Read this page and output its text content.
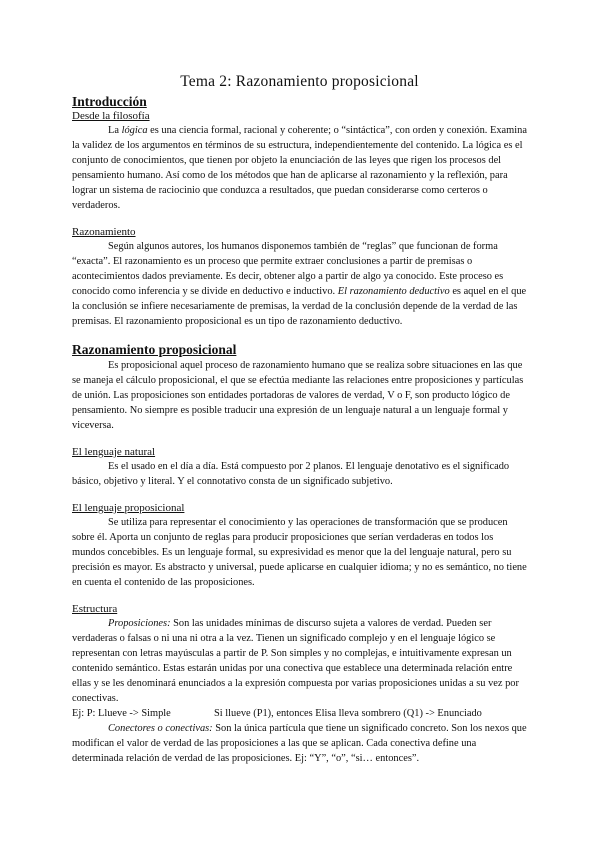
Tema 2: Razonamiento proposicional
Introducción
Desde la filosofía

La lógica es una ciencia formal, racional y coherente; o “sintáctica”, con orden y conexión. Examina la validez de los argumentos en términos de su estructura, independientemente del contenido. La lógica es el conjunto de conocimientos, que tienen por objeto la enunciación de las leyes que rigen los procesos del pensamiento humano. Así como de los métodos que han de aplicarse al razonamiento y la reflexión, para lograr un sistema de raciocinio que conduzca a resultados, que puedan considerarse como certeros o verdaderos.

Razonamiento

Según algunos autores, los humanos disponemos también de “reglas” que funcionan de forma “exacta”. El razonamiento es un proceso que permite extraer conclusiones a partir de premisas o acontecimientos dados previamente. Es decir, obtener algo a partir de algo ya conocido. Este proceso es conocido como inferencia y se divide en deductivo e inductivo. El razonamiento deductivo es aquel en el que la conclusión se infiere necesariamente de premisas, la verdad de la conclusión depende de la verdad de las premisas. El razonamiento proposicional es un tipo de razonamiento deductivo.

Razonamiento proposicional

Es proposicional aquel proceso de razonamiento humano que se realiza sobre situaciones en las que se maneja el cálculo proposicional, el que se efectúa mediante las relaciones entre proposiciones y partículas de unión. Las proposiciones son entidades portadoras de valores de verdad, V o F, son producto lógico de pensamiento. No siempre es posible traducir una expresión de un lenguaje natural a un lenguaje formal y viceversa.

El lenguaje natural

Es el usado en el día a día. Está compuesto por 2 planos. El lenguaje denotativo es el significado básico, objetivo y literal. Y el connotativo consta de un significado subjetivo.

El lenguaje proposicional

Se utiliza para representar el conocimiento y las operaciones de transformación que se producen sobre él. Aporta un conjunto de reglas para producir proposiciones que serían verdaderas en todos los mundos concebibles. Es un lenguaje formal, su expresividad es menor que la del lenguaje natural, pero su precisión es mayor. Es abstracto y universal, puede aplicarse en cualquier idioma; y no es semántico, no tiene en cuenta el contenido de las proposiciones.

Estructura

Proposiciones: Son las unidades mínimas de discurso sujeta a valores de verdad. Pueden ser verdaderas o falsas o ni una ni otra a la vez. Tienen un significado complejo y en el lenguaje lógico se representan con letras mayúsculas a partir de P. Son simples y no complejas, e intuitivamente expresan un contenido semántico. Estas estarán unidas por una conectiva que establece una determinada relación entre ellas y se les denominará enunciados a la expresión compuesta por varias proposiciones unidas a su vez por conectivas.

Ej: P: Llueve -> Simple	Si llueve (P1), entonces Elisa lleva sombrero (Q1) -> Enunciado

Conectores o conectivas: Son la única partícula que tiene un significado concreto. Son los nexos que modifican el valor de verdad de las proposiciones a las que se aplican. Cada conectiva define una determinada relación de verdad de las proposiciones. Ej: “Y”, “o”, “si… entonces”.
